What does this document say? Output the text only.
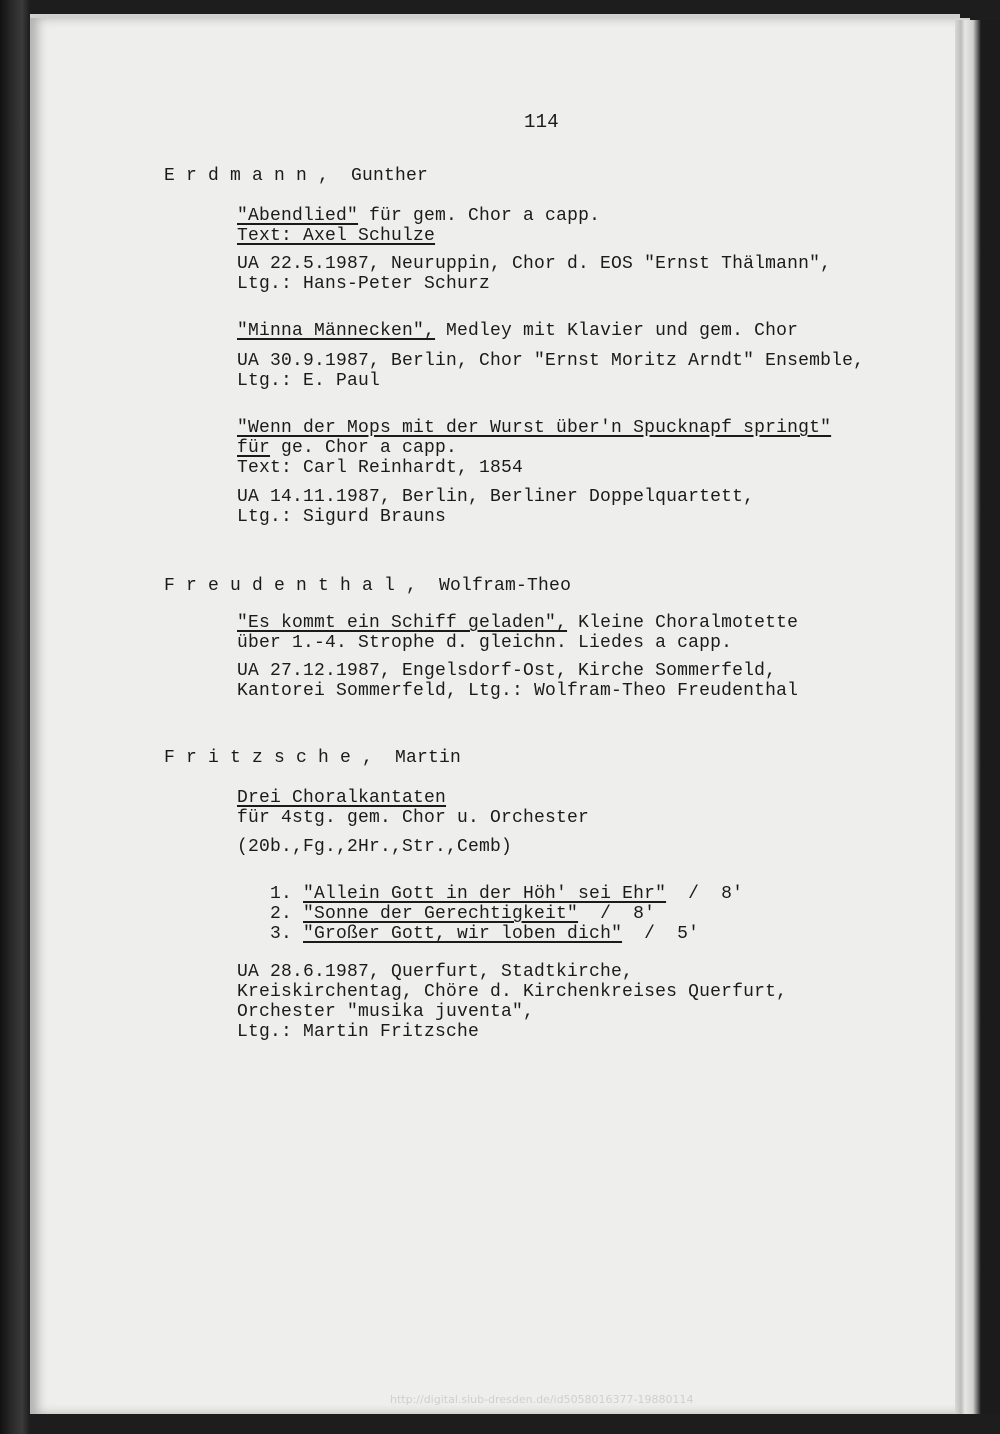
114
E r d m a n n ,  Gunther
"Abendlied" für gem. Chor a capp.
Text: Axel Schulze
UA 22.5.1987, Neuruppin, Chor d. EOS "Ernst Thälmann",
Ltg.: Hans-Peter Schurz
"Minna Männecken", Medley mit Klavier und gem. Chor
UA 30.9.1987, Berlin, Chor "Ernst Moritz Arndt" Ensemble,
Ltg.: E. Paul
"Wenn der Mops mit der Wurst über'n Spucknapf springt"
für ge. Chor a capp.
Text: Carl Reinhardt, 1854
UA 14.11.1987, Berlin, Berliner Doppelquartett,
Ltg.: Sigurd Brauns
F r e u d e n t h a l ,  Wolfram-Theo
"Es kommt ein Schiff geladen", Kleine Choralmotette
über 1.-4. Strophe d. gleichn. Liedes a capp.
UA 27.12.1987, Engelsdorf-Ost, Kirche Sommerfeld,
Kantorei Sommerfeld, Ltg.: Wolfram-Theo Freudenthal
F r i t z s c h e ,  Martin
Drei Choralkantaten
für 4stg. gem. Chor u. Orchester
(20b.,Fg.,2Hr.,Str.,Cemb)
1. "Allein Gott in der Höh' sei Ehr"  /  8'
2. "Sonne der Gerechtigkeit"  /  8'
3. "Großer Gott, wir loben dich"  /  5'
UA 28.6.1987, Querfurt, Stadtkirche,
Kreiskirchentag, Chöre d. Kirchenkreises Querfurt,
Orchester "musika juventa",
Ltg.: Martin Fritzsche
http://digital.slub-dresden.de/id5058016377-19880114
